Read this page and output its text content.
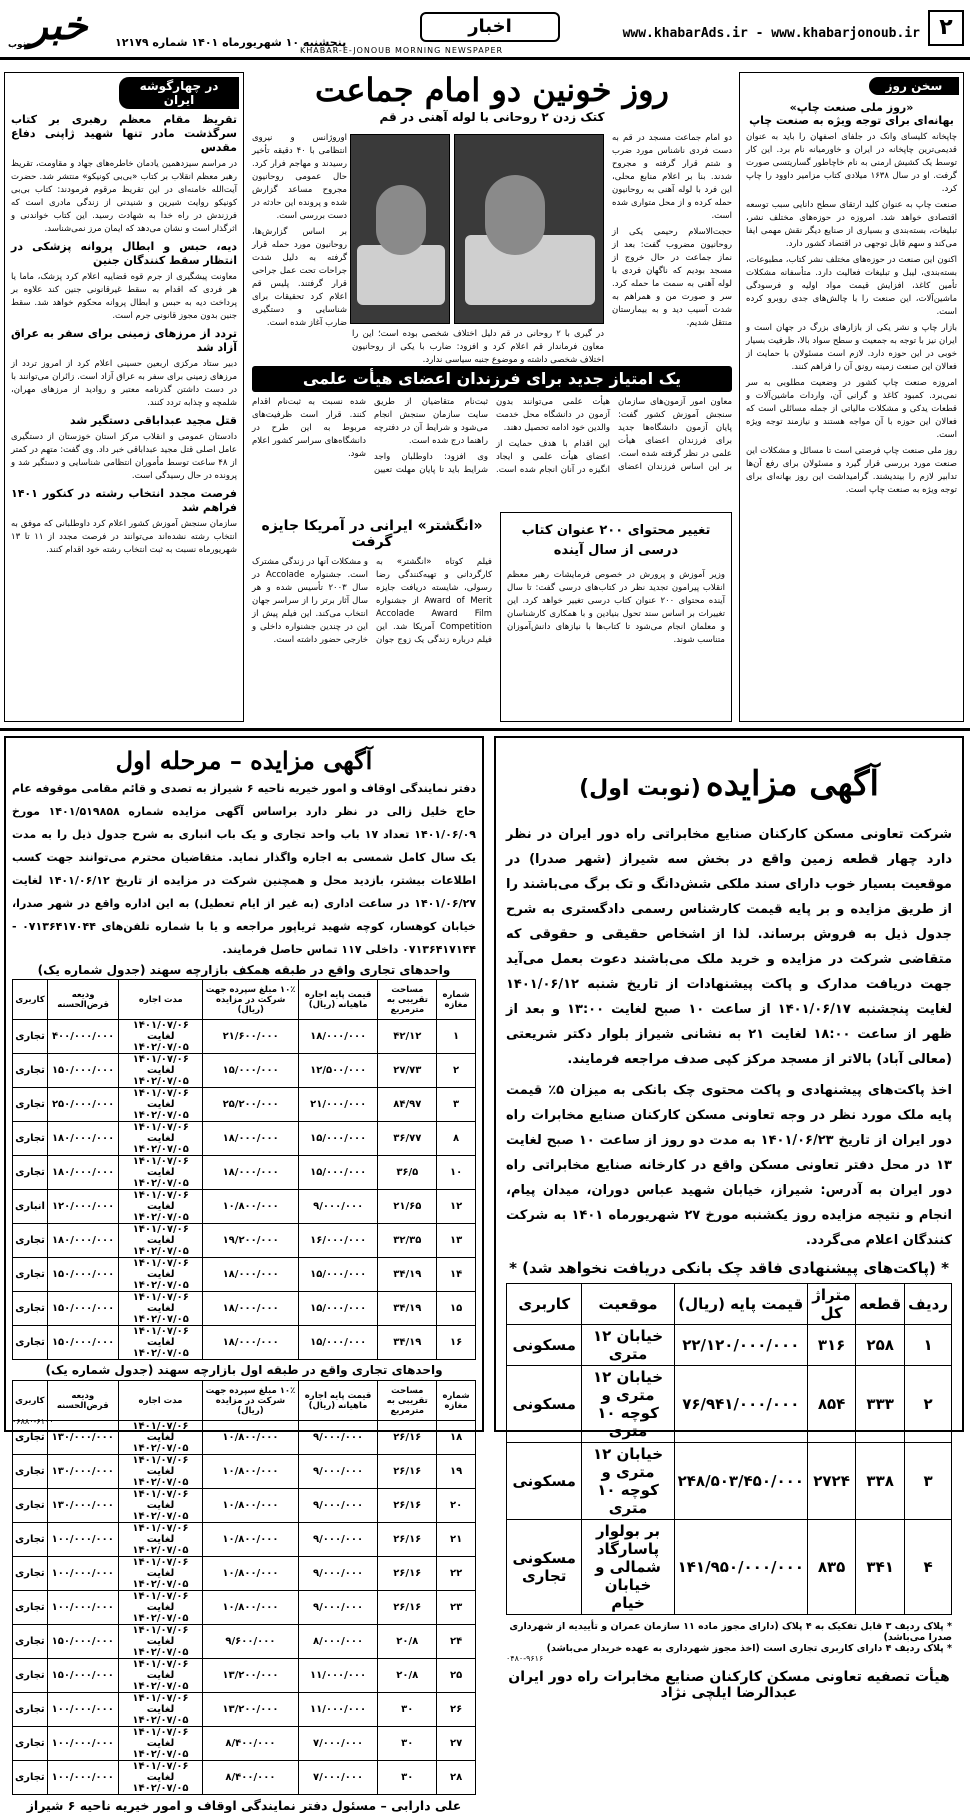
۲
www.khabarAds.ir - www.khabarjonoub.ir
اخبار
خبر
جنوب	پنجشنبه ۱۰ شهریورماه ۱۴۰۱ شماره ۱۲۱۷۹
KHABAR-E-JONOUB MORNING NEWSPAPER
سخن روز
«روز ملی صنعت چاپ»
بهانه‌ای برای توجه ویژه به صنعت چاپ

چاپخانه کلیسای وانک در جلفای اصفهان را باید به عنوان قدیمی‌ترین چاپخانه در ایران و خاورمیانه نام برد. این کار توسط یک کشیش ارمنی به نام خاچاطور گساریتسی صورت گرفت. او در سال ۱۶۳۸ میلادی کتاب مزامیر داوود را چاپ کرد.

صنعت چاپ به عنوان کلید ارتقای سطح دانایی سبب توسعه اقتصادی خواهد شد. امروزه در حوزه‌های مختلف نشر، تبلیغات، بسته‌بندی و بسیاری از صنایع دیگر نقش مهمی ایفا می‌کند و سهم قابل توجهی در اقتصاد کشور دارد.

اکنون این صنعت در حوزه‌های مختلف نشر کتاب، مطبوعات، بسته‌بندی، لیبل و تبلیغات فعالیت دارد. متأسفانه مشکلات تأمین کاغذ، افزایش قیمت مواد اولیه و فرسودگی ماشین‌آلات، این صنعت را با چالش‌های جدی روبرو کرده است.

بازار چاپ و نشر یکی از بازارهای بزرگ در جهان است و ایران نیز با توجه به جمعیت و سطح سواد بالا، ظرفیت بسیار خوبی در این حوزه دارد. لازم است مسئولان با حمایت از فعالان این صنعت زمینه رونق آن را فراهم کنند.

امروزه صنعت چاپ کشور در وضعیت مطلوبی به سر نمی‌برد. کمبود کاغذ و گرانی آن، واردات ماشین‌آلات و قطعات یدکی و مشکلات مالیاتی از جمله مسائلی است که فعالان این حوزه با آن مواجه هستند و نیازمند توجه ویژه است.

روز ملی صنعت چاپ فرصتی است تا مسائل و مشکلات این صنعت مورد بررسی قرار گیرد و مسئولان برای رفع آن‌ها تدابیر لازم را بیندیشند. گرامیداشت این روز بهانه‌ای برای توجه ویژه به صنعت چاپ است.

روز خونین دو امام جماعت
کتک زدن ۲ روحانی با لوله آهنی در قم

دو امام جماعت مسجد در قم به دست فردی ناشناس مورد ضرب و شتم قرار گرفته و مجروح شدند. بنا بر اعلام منابع محلی، این فرد با لوله آهنی به روحانیون حمله کرده و از محل متواری شده است.

حجت‌الاسلام رحیمی یکی از روحانیون مضروب گفت: بعد از نماز جماعت در حال خروج از مسجد بودیم که ناگهان فردی با لوله آهنی به سمت ما حمله کرد. سر و صورت من و همراهم به شدت آسیب دید و به بیمارستان منتقل شدیم.

اوروژانس و نیروی انتظامی با ۴۰ دقیقه تأخیر رسیدند و مهاجم فرار کرد. حال عمومی روحانیون مجروح مساعد گزارش شده و پرونده این حادثه در دست بررسی است.

بر اساس گزارش‌ها، روحانیون مورد حمله قرار گرفته به دلیل شدت جراحات تحت عمل جراحی قرار گرفتند. پلیس قم اعلام کرد تحقیقات برای شناسایی و دستگیری ضارب آغاز شده است.

در گیری با ۲ روحانی در قم دلیل اختلاف شخصی بوده است؛ این را معاون فرماندار قم اعلام کرد و افزود: ضارب با یکی از روحانیون اختلاف شخصی داشته و موضوع جنبه سیاسی ندارد.

یک امتیاز جدید برای فرزندان اعضای هیأت علمی

معاون امور آزمون‌های سازمان سنجش آموزش کشور گفت: پایان آزمون دانشگاه‌ها جدید برای فرزندان اعضای هیأت علمی در نظر گرفته شده است. بر این اساس فرزندان اعضای هیأت علمی می‌توانند بدون آزمون در دانشگاه محل خدمت والدین خود ادامه تحصیل دهند.

این اقدام با هدف حمایت از اعضای هیأت علمی و ایجاد انگیزه در آنان انجام شده است. ثبت‌نام متقاضیان از طریق سایت سازمان سنجش انجام می‌شود و شرایط آن در دفترچه راهنما درج شده است.

وی افزود: داوطلبان واجد شرایط باید تا پایان مهلت تعیین شده نسبت به ثبت‌نام اقدام کنند. قرار است ظرفیت‌های مربوط به این طرح در دانشگاه‌های سراسر کشور اعلام شود.

تغییر محتوای ۲۰۰ عنوان کتاب درسی از سال آینده
وزیر آموزش و پرورش در خصوص فرمایشات رهبر معظم انقلاب پیرامون تجدید نظر در کتاب‌های درسی گفت: تا سال آینده محتوای ۲۰۰ عنوان کتاب درسی تغییر خواهد کرد. این تغییرات بر اساس سند تحول بنیادین و با همکاری کارشناسان و معلمان انجام می‌شود تا کتاب‌ها با نیازهای دانش‌آموزان متناسب شوند.
«انگشتر» ایرانی در آمریکا جایزه گرفت
فیلم کوتاه «انگشتر» به کارگردانی و تهیه‌کنندگی رضا رسولی، شایسته دریافت جایزه Award of Merit از جشنواره Accolade Award Film Competition آمریکا شد. این فیلم درباره زندگی یک زوج جوان و مشکلات آنها در زندگی مشترک است. جشنواره Accolade در سال ۲۰۰۳ تأسیس شده و هر سال آثار برتر را از سراسر جهان انتخاب می‌کند. این فیلم پیش از این در چندین جشنواره داخلی و خارجی حضور داشته است.
در چهارگوشه ایران
تقریظ مقام معظم رهبری بر کتاب سرگذشت مادر تنها شهید ژاپنی دفاع مقدس

در مراسم سیزدهمین یادمان خاطره‌های جهاد و مقاومت، تقریظ رهبر معظم انقلاب بر کتاب «بی‌بی کونیکو» منتشر شد. حضرت آیت‌الله خامنه‌ای در این تقریظ مرقوم فرمودند: کتاب بی‌بی کونیکو روایت شیرین و شنیدنی از زندگی مادری است که فرزندش در راه خدا به شهادت رسید. این کتاب خواندنی و اثرگذار است و نشان می‌دهد که ایمان مرز نمی‌شناسد.

دیه، حبس و ابطال پروانه پزشکی در انتظار سقط کنندگان جنین

معاونت پیشگیری از جرم قوه قضاییه اعلام کرد پزشک، ماما یا هر فردی که اقدام به سقط غیرقانونی جنین کند علاوه بر پرداخت دیه به حبس و ابطال پروانه محکوم خواهد شد. سقط جنین بدون مجوز قانونی جرم است.

تردد از مرزهای زمینی برای سفر به عراق آزاد شد

دبیر ستاد مرکزی اربعین حسینی اعلام کرد از امروز تردد از مرزهای زمینی برای سفر به عراق آزاد است. زائران می‌توانند با در دست داشتن گذرنامه معتبر و روادید از مرزهای مهران، شلمچه و چذابه تردد کنند.

قتل مجید عبداباقی دستگیر شد

دادستان عمومی و انقلاب مرکز استان خوزستان از دستگیری عامل اصلی قتل مجید عبداباقی خبر داد. وی گفت: متهم در کمتر از ۴۸ ساعت توسط مأموران انتظامی شناسایی و دستگیر شد و پرونده در حال رسیدگی است.

فرصت مجدد انتخاب رشته در کنکور ۱۴۰۱ فراهم شد

سازمان سنجش آموزش کشور اعلام کرد داوطلبانی که موفق به انتخاب رشته نشده‌اند می‌توانند در فرصت مجدد از ۱۱ تا ۱۳ شهریورماه نسبت به ثبت انتخاب رشته خود اقدام کنند.

آگهی مزایده (نوبت اول)
شرکت تعاونی مسکن کارکنان صنایع مخابراتی راه دور ایران در نظر دارد چهار قطعه زمین واقع در بخش سه شیراز (شهر صدرا) در موقعیت بسیار خوب دارای سند ملکی شش‌دانگ و تک برگ می‌باشند را از طریق مزایده و بر پایه قیمت کارشناس رسمی دادگستری به شرح جدول ذیل به فروش برساند. لذا از اشخاص حقیقی و حقوقی که متقاضی شرکت در مزایده و خرید ملک می‌باشند دعوت بعمل می‌آید جهت دریافت مدارک و پاکت پیشنهادات از تاریخ شنبه ۱۴۰۱/۰۶/۱۲ لغایت پنجشنبه ۱۴۰۱/۰۶/۱۷ از ساعت ۱۰ صبح لغایت ۱۳:۰۰ و بعد از ظهر از ساعت ۱۸:۰۰ لغایت ۲۱ به نشانی شیراز بلوار دکتر شریعتی (معالی آباد) بالاتر از مسجد مرکز کپی صدف مراجعه فرمایند.
اخذ پاکت‌های پیشنهادی و پاکت محتوی چک بانکی به میزان ۵٪ قیمت پایه ملک مورد نظر در وجه تعاونی مسکن کارکنان صنایع مخابرات راه دور ایران از تاریخ ۱۴۰۱/۰۶/۲۳ به مدت دو روز از ساعت ۱۰ صبح لغایت ۱۳ در محل دفتر تعاونی مسکن واقع در کارخانه صنایع مخابراتی راه دور ایران به آدرس: شیراز، خیابان شهید عباس دوران، میدان پیام، انجام و نتیجه مزایده روز یکشنبه مورخ ۲۷ شهریورماه ۱۴۰۱ به شرکت کنندگان اعلام می‌گردد.
* (پاکت‌های پیشنهادی فاقد چک بانکی دریافت نخواهد شد) *
ردیف	قطعه	متراژ کل	قیمت پایه (ریال)	موقعیت	کاربری
۱	۲۵۸	۳۱۶	۲۲/۱۲۰/۰۰۰/۰۰۰	خیابان ۱۲ متری	مسکونی
۲	۳۳۳	۸۵۴	۷۶/۹۴۱/۰۰۰/۰۰۰	خیابان ۱۲ متری و کوچه ۱۰ متری	مسکونی
۳	۳۳۸	۲۷۲۴	۲۴۸/۵۰۳/۴۵۰/۰۰۰	خیابان ۱۲ متری و کوچه ۱۰ متری	مسکونی
۴	۳۴۱	۸۳۵	۱۴۱/۹۵۰/۰۰۰/۰۰۰	بر بولوار پاسارگاد شمالی و خیابان خیام	مسکونی تجاری
* پلاک ردیف ۳ قابل تفکیک به ۴ پلاک (دارای مجوز ماده ۱۱ سازمان عمران و تأییدیه از شهرداری صدرا می‌باشد)
* پلاک ردیف ۴ دارای کاربری تجاری است (اخذ مجوز شهرداری به عهده خریدار می‌باشد)
۰۴۸۰-۹۶۱۶
هیأت تصفیه تعاونی مسکن کارکنان صنایع مخابرات راه دور ایران
عبدالرضا ایلچی نژاد
آگهی مزایده – مرحله اول
دفتر نمایندگی اوقاف و امور خیریه ناحیه ۶ شیراز به تصدی و قائم مقامی موقوفه عام حاج خلیل زالی در نظر دارد براساس آگهی مزایده شماره ۱۴۰۱/۵۱۹۸۵۸ مورخ ۱۴۰۱/۰۶/۰۹ تعداد ۱۷ باب واحد تجاری و یک باب انباری به شرح جدول ذیل را به مدت یک سال کامل شمسی به اجاره واگذار نماید. متقاضیان محترم می‌توانند جهت کسب اطلاعات بیشتر، بازدید محل و همچنین شرکت در مزایده از تاریخ ۱۴۰۱/۰۶/۱۲ لغایت ۱۴۰۱/۰۶/۲۷ در ساعت اداری (به غیر از ایام تعطیل) به این اداره واقع در شهر صدرا، خیابان کوهسار، کوچه شهید ثریاپور مراجعه و یا با شماره تلفن‌های ۰۷۱۳۶۴۱۷۰۴۴ - ۰۷۱۳۶۴۱۷۱۴۴ داخلی ۱۱۷ تماس حاصل فرمایند.
واحدهای تجاری واقع در طبقه همکف بازارچه سهند (جدول شماره یک)
شماره مغازه	مساحت تقریبی به مترمربع	قیمت پایه اجاره ماهیانه (ریال)	۱۰٪ مبلغ سپرده جهت شرکت در مزایده (ریال)	مدت اجاره	ودیعه قرض‌الحسنه	کاربری
۱	۴۲/۱۲	۱۸/۰۰۰/۰۰۰	۲۱/۶۰۰/۰۰۰	۱۴۰۱/۰۷/۰۶ لغایت ۱۴۰۲/۰۷/۰۵	۴۰۰/۰۰۰/۰۰۰	تجاری
۲	۲۷/۷۳	۱۲/۵۰۰/۰۰۰	۱۵/۰۰۰/۰۰۰	۱۴۰۱/۰۷/۰۶ لغایت ۱۴۰۲/۰۷/۰۵	۱۵۰/۰۰۰/۰۰۰	تجاری
۳	۸۴/۹۷	۲۱/۰۰۰/۰۰۰	۲۵/۲۰۰/۰۰۰	۱۴۰۱/۰۷/۰۶ لغایت ۱۴۰۲/۰۷/۰۵	۲۵۰/۰۰۰/۰۰۰	تجاری
۸	۳۶/۷۷	۱۵/۰۰۰/۰۰۰	۱۸/۰۰۰/۰۰۰	۱۴۰۱/۰۷/۰۶ لغایت ۱۴۰۲/۰۷/۰۵	۱۸۰/۰۰۰/۰۰۰	تجاری
۱۰	۳۶/۵	۱۵/۰۰۰/۰۰۰	۱۸/۰۰۰/۰۰۰	۱۴۰۱/۰۷/۰۶ لغایت ۱۴۰۲/۰۷/۰۵	۱۸۰/۰۰۰/۰۰۰	تجاری
۱۲	۲۱/۶۵	۹/۰۰۰/۰۰۰	۱۰/۸۰۰/۰۰۰	۱۴۰۱/۰۷/۰۶ لغایت ۱۴۰۲/۰۷/۰۵	۱۲۰/۰۰۰/۰۰۰	انباری
۱۳	۳۲/۳۵	۱۶/۰۰۰/۰۰۰	۱۹/۲۰۰/۰۰۰	۱۴۰۱/۰۷/۰۶ لغایت ۱۴۰۲/۰۷/۰۵	۱۸۰/۰۰۰/۰۰۰	تجاری
۱۴	۳۴/۱۹	۱۵/۰۰۰/۰۰۰	۱۸/۰۰۰/۰۰۰	۱۴۰۱/۰۷/۰۶ لغایت ۱۴۰۲/۰۷/۰۵	۱۵۰/۰۰۰/۰۰۰	تجاری
۱۵	۳۴/۱۹	۱۵/۰۰۰/۰۰۰	۱۸/۰۰۰/۰۰۰	۱۴۰۱/۰۷/۰۶ لغایت ۱۴۰۲/۰۷/۰۵	۱۵۰/۰۰۰/۰۰۰	تجاری
۱۶	۳۴/۱۹	۱۵/۰۰۰/۰۰۰	۱۸/۰۰۰/۰۰۰	۱۴۰۱/۰۷/۰۶ لغایت ۱۴۰۲/۰۷/۰۵	۱۵۰/۰۰۰/۰۰۰	تجاری
واحدهای تجاری واقع در طبقه اول بازارچه سهند (جدول شماره یک)
شماره مغازه	مساحت تقریبی به مترمربع	قیمت پایه اجاره ماهیانه (ریال)	۱۰٪ مبلغ سپرده جهت شرکت در مزایده (ریال)	مدت اجاره	ودیعه قرض‌الحسنه	کاربری
۱۸	۲۶/۱۶	۹/۰۰۰/۰۰۰	۱۰/۸۰۰/۰۰۰	۱۴۰۱/۰۷/۰۶ لغایت ۱۴۰۲/۰۷/۰۵	۱۳۰/۰۰۰/۰۰۰	تجاری
۱۹	۲۶/۱۶	۹/۰۰۰/۰۰۰	۱۰/۸۰۰/۰۰۰	۱۴۰۱/۰۷/۰۶ لغایت ۱۴۰۲/۰۷/۰۵	۱۳۰/۰۰۰/۰۰۰	تجاری
۲۰	۲۶/۱۶	۹/۰۰۰/۰۰۰	۱۰/۸۰۰/۰۰۰	۱۴۰۱/۰۷/۰۶ لغایت ۱۴۰۲/۰۷/۰۵	۱۳۰/۰۰۰/۰۰۰	تجاری
۲۱	۲۶/۱۶	۹/۰۰۰/۰۰۰	۱۰/۸۰۰/۰۰۰	۱۴۰۱/۰۷/۰۶ لغایت ۱۴۰۲/۰۷/۰۵	۱۰۰/۰۰۰/۰۰۰	تجاری
۲۲	۲۶/۱۶	۹/۰۰۰/۰۰۰	۱۰/۸۰۰/۰۰۰	۱۴۰۱/۰۷/۰۶ لغایت ۱۴۰۲/۰۷/۰۵	۱۰۰/۰۰۰/۰۰۰	تجاری
۲۳	۲۶/۱۶	۹/۰۰۰/۰۰۰	۱۰/۸۰۰/۰۰۰	۱۴۰۱/۰۷/۰۶ لغایت ۱۴۰۲/۰۷/۰۵	۱۰۰/۰۰۰/۰۰۰	تجاری
۲۴	۲۰/۸	۸/۰۰۰/۰۰۰	۹/۶۰۰/۰۰۰	۱۴۰۱/۰۷/۰۶ لغایت ۱۴۰۲/۰۷/۰۵	۱۵۰/۰۰۰/۰۰۰	تجاری
۲۵	۲۰/۸	۱۱/۰۰۰/۰۰۰	۱۳/۲۰۰/۰۰۰	۱۴۰۱/۰۷/۰۶ لغایت ۱۴۰۲/۰۷/۰۵	۱۵۰/۰۰۰/۰۰۰	تجاری
۲۶	۳۰	۱۱/۰۰۰/۰۰۰	۱۳/۲۰۰/۰۰۰	۱۴۰۱/۰۷/۰۶ لغایت ۱۴۰۲/۰۷/۰۵	۱۰۰/۰۰۰/۰۰۰	تجاری
۲۷	۳۰	۷/۰۰۰/۰۰۰	۸/۴۰۰/۰۰۰	۱۴۰۱/۰۷/۰۶ لغایت ۱۴۰۲/۰۷/۰۵	۱۰۰/۰۰۰/۰۰۰	تجاری
۲۸	۳۰	۷/۰۰۰/۰۰۰	۸/۴۰۰/۰۰۰	۱۴۰۱/۰۷/۰۶ لغایت ۱۴۰۲/۰۷/۰۵	۱۰۰/۰۰۰/۰۰۰	تجاری
علی دارابی – مسئول دفتر نمایندگی اوقاف و امور خیریه ناحیه ۶ شیراز
۰۶۸۸۰-۶۱۰۰
